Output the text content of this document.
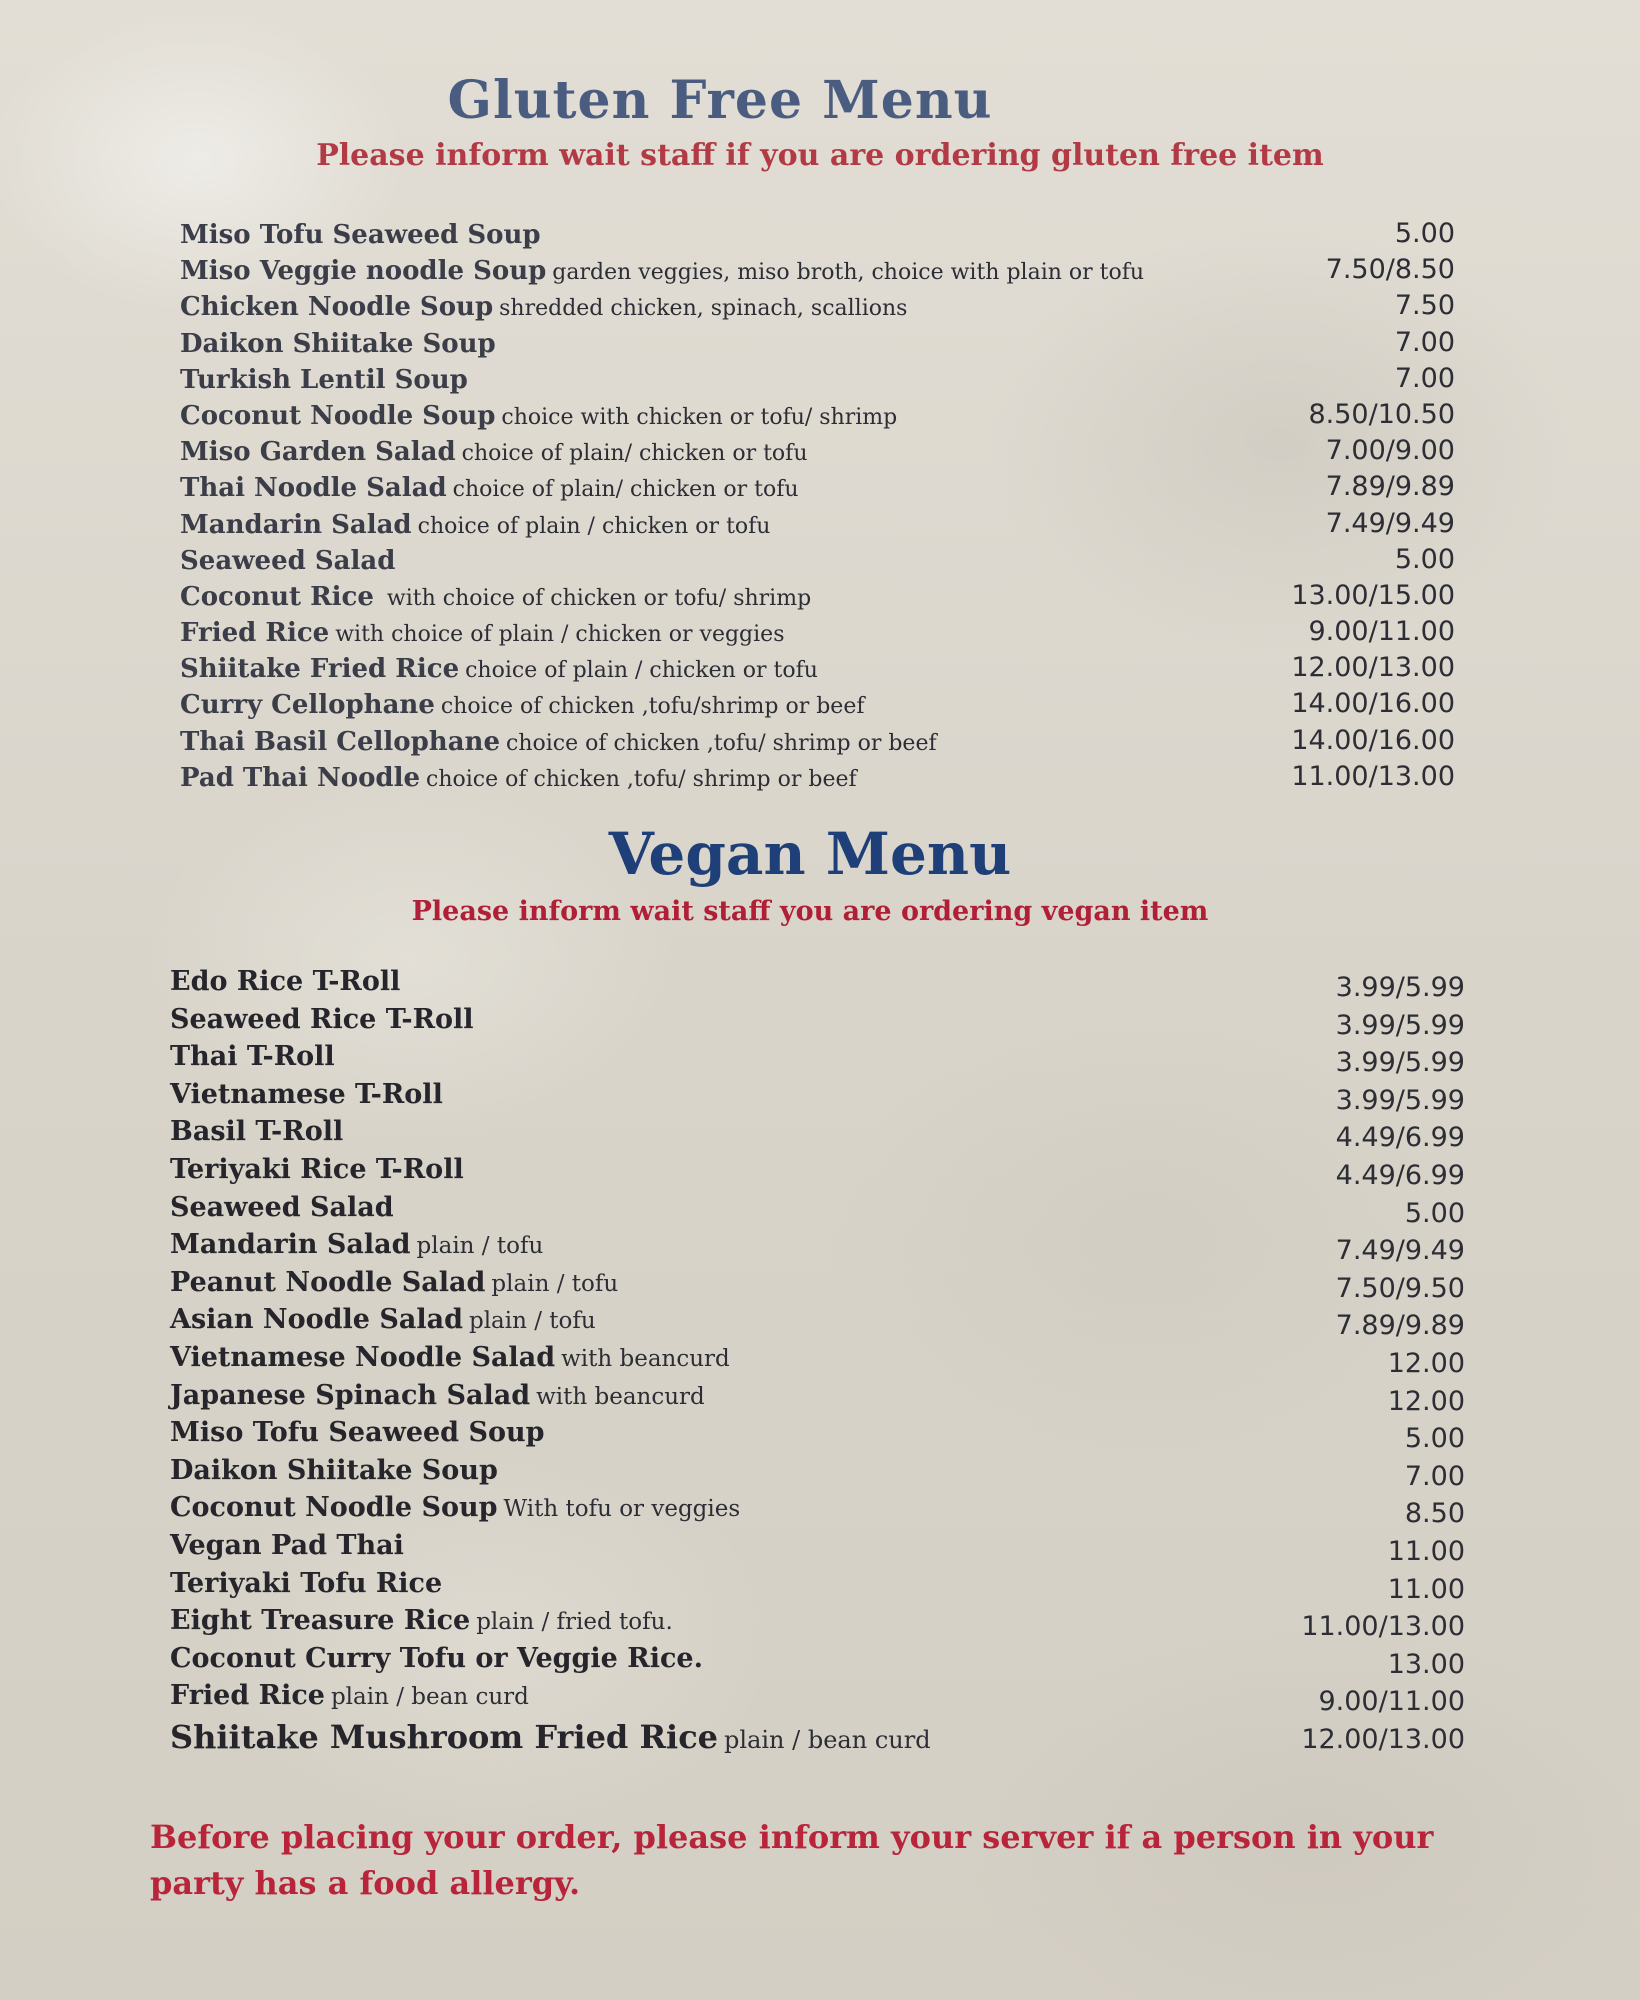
Gluten Free Menu
Please inform wait staff if you are ordering gluten free item
Miso Tofu Seaweed Soup	5.00
Miso Veggie noodle Soup garden veggies, miso broth, choice with plain or tofu	7.50/8.50
Chicken Noodle Soup shredded chicken, spinach, scallions	7.50
Daikon Shiitake Soup	7.00
Turkish Lentil Soup	7.00
Coconut Noodle Soup choice with chicken or tofu/ shrimp	8.50/10.50
Miso Garden Salad choice of plain/ chicken or tofu	7.00/9.00
Thai Noodle Salad choice of plain/ chicken or tofu	7.89/9.89
Mandarin Salad choice of plain / chicken or tofu	7.49/9.49
Seaweed Salad	5.00
Coconut Rice with choice of chicken or tofu/ shrimp	13.00/15.00
Fried Rice with choice of plain / chicken or veggies	9.00/11.00
Shiitake Fried Rice choice of plain / chicken or tofu	12.00/13.00
Curry Cellophane choice of chicken ,tofu/shrimp or beef	14.00/16.00
Thai Basil Cellophane choice of chicken ,tofu/ shrimp or beef	14.00/16.00
Pad Thai Noodle choice of chicken ,tofu/ shrimp or beef	11.00/13.00
Vegan Menu
Please inform wait staff you are ordering vegan item
Edo Rice T-Roll	3.99/5.99
Seaweed Rice T-Roll	3.99/5.99
Thai T-Roll	3.99/5.99
Vietnamese T-Roll	3.99/5.99
Basil T-Roll	4.49/6.99
Teriyaki Rice T-Roll	4.49/6.99
Seaweed Salad	5.00
Mandarin Salad plain / tofu	7.49/9.49
Peanut Noodle Salad plain / tofu	7.50/9.50
Asian Noodle Salad plain / tofu	7.89/9.89
Vietnamese Noodle Salad with beancurd	12.00
Japanese Spinach Salad with beancurd	12.00
Miso Tofu Seaweed Soup	5.00
Daikon Shiitake Soup	7.00
Coconut Noodle Soup With tofu or veggies	8.50
Vegan Pad Thai	11.00
Teriyaki Tofu Rice	11.00
Eight Treasure Rice plain / fried tofu.	11.00/13.00
Coconut Curry Tofu or Veggie Rice.	13.00
Fried Rice plain / bean curd	9.00/11.00
Shiitake Mushroom Fried Rice plain / bean curd	12.00/13.00

Before placing your order, please inform your server if a person in your party has a food allergy.
